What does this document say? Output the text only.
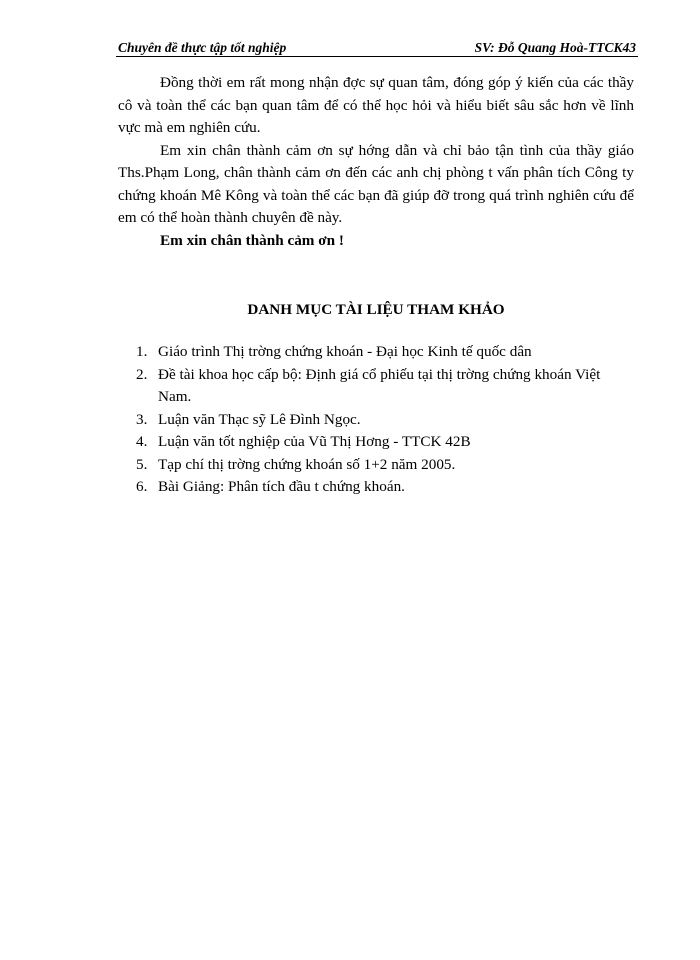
Chuyên đề thực tập tốt nghiệp	SV: Đỗ Quang Hoà-TTCK43

Đồng thời em rất mong nhận đợc sự quan tâm, đóng góp ý kiến của các thầy cô và toàn thể các bạn quan tâm để có thể học hỏi và hiểu biết sâu sắc hơn về lĩnh vực mà em nghiên cứu.

Em xin chân thành cảm ơn sự hớng dẫn và chỉ bảo tận tình của thầy giáo Ths.Phạm Long, chân thành cảm ơn đến các anh chị phòng t vấn phân tích Công ty chứng khoán Mê Kông và toàn thể các bạn đã giúp đỡ trong quá trình nghiên cứu để em có thể hoàn thành chuyên đề này.

Em xin chân thành cảm ơn !

DANH MỤC TÀI LIỆU THAM KHẢO
1. Giáo trình Thị trờng chứng khoán - Đại học Kinh tế quốc dân
2. Đề tài khoa học cấp bộ: Định giá cổ phiếu tại thị trờng chứng khoán Việt Nam.
3. Luận văn Thạc sỹ Lê Đình Ngọc.
4. Luận văn tốt nghiệp của Vũ Thị Hơng - TTCK 42B
5. Tạp chí thị trờng chứng khoán số 1+2 năm 2005.
6. Bài Giảng: Phân tích đầu t chứng khoán.
